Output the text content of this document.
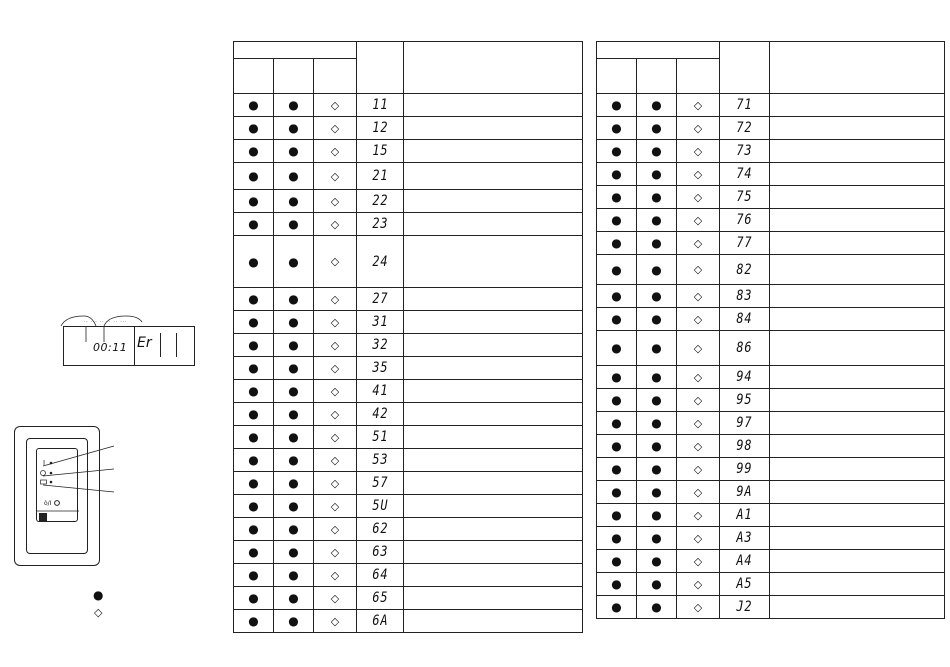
·· ··· ·· ·· ·· ···
00:11 Er
I
ò/I
●
◇

●	●	◇	11	
●	●	◇	12	
●	●	◇	15	
●	●	◇	21	
●	●	◇	22	
●	●	◇	23	
●	●	◇	24	
●	●	◇	27	
●	●	◇	31	
●	●	◇	32	
●	●	◇	35	
●	●	◇	41	
●	●	◇	42	
●	●	◇	51	
●	●	◇	53	
●	●	◇	57	
●	●	◇	5U	
●	●	◇	62	
●	●	◇	63	
●	●	◇	64	
●	●	◇	65	
●	●	◇	6A	

●	●	◇	71	
●	●	◇	72	
●	●	◇	73	
●	●	◇	74	
●	●	◇	75	
●	●	◇	76	
●	●	◇	77	
●	●	◇	82	
●	●	◇	83	
●	●	◇	84	
●	●	◇	86	
●	●	◇	94	
●	●	◇	95	
●	●	◇	97	
●	●	◇	98	
●	●	◇	99	
●	●	◇	9A	
●	●	◇	A1	
●	●	◇	A3	
●	●	◇	A4	
●	●	◇	A5	
●	●	◇	J2	
